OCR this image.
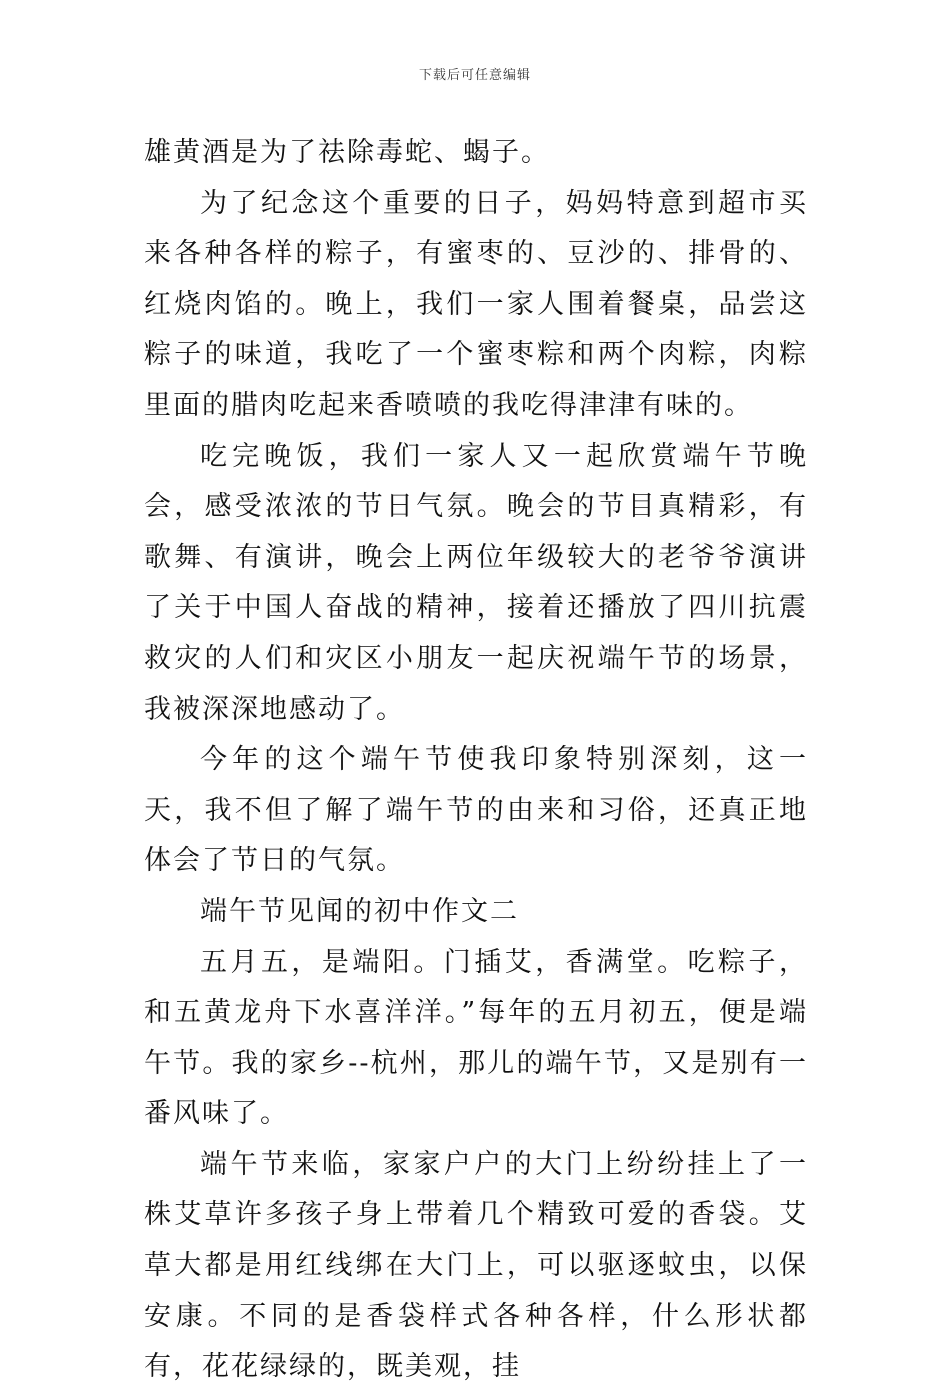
下载后可任意编辑

雄黄酒是为了祛除毒蛇、蝎子。

为了纪念这个重要的日子，妈妈特意到超市买来各种各样的粽子，有蜜枣的、豆沙的、排骨的、红烧肉馅的。晚上，我们一家人围着餐桌，品尝这粽子的味道，我吃了一个蜜枣粽和两个肉粽，肉粽里面的腊肉吃起来香喷喷的我吃得津津有味的。

吃完晚饭，我们一家人又一起欣赏端午节晚会，感受浓浓的节日气氛。晚会的节目真精彩，有歌舞、有演讲，晚会上两位年级较大的老爷爷演讲了关于中国人奋战的精神，接着还播放了四川抗震救灾的人们和灾区小朋友一起庆祝端午节的场景，我被深深地感动了。

今年的这个端午节使我印象特别深刻，这一天，我不但了解了端午节的由来和习俗，还真正地体会了节日的气氛。

端午节见闻的初中作文二

五月五，是端阳。门插艾，香满堂。吃粽子，和五黄龙舟下水喜洋洋。”每年的五月初五，便是端午节。我的家乡--杭州，那儿的端午节，又是别有一番风味了。

端午节来临，家家户户的大门上纷纷挂上了一株艾草许多孩子身上带着几个精致可爱的香袋。艾草大都是用红线绑在大门上，可以驱逐蚊虫，以保安康。不同的是香袋样式各种各样，什么形状都有，花花绿绿的，既美观，挂
